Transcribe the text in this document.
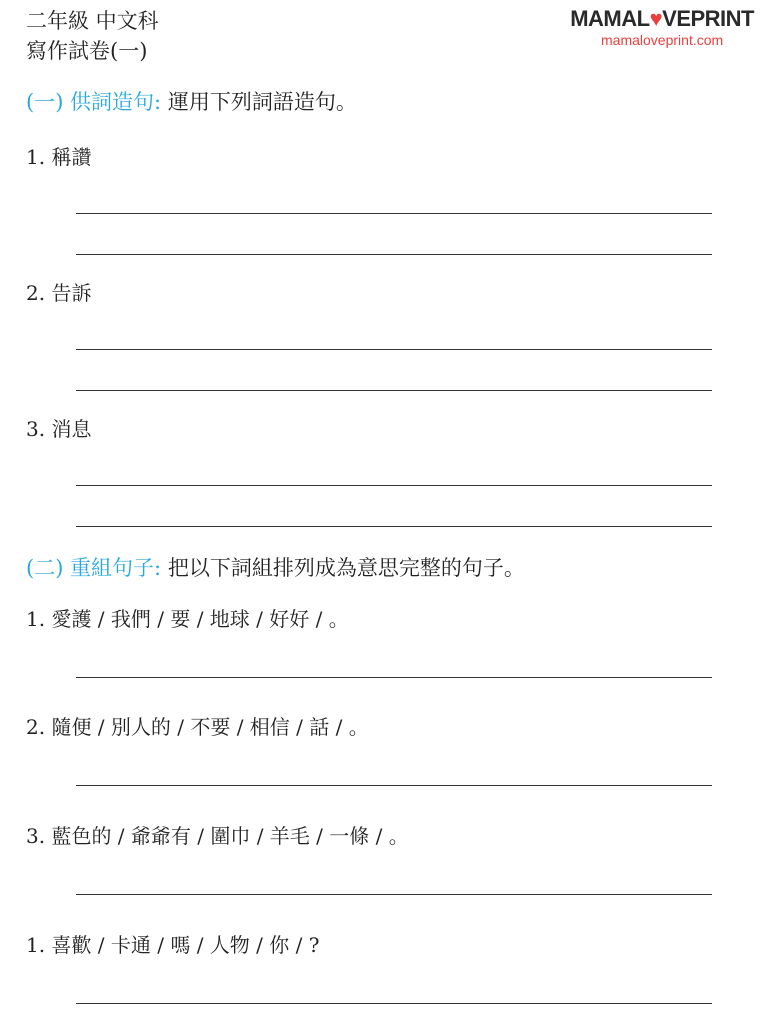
二年級 中文科
寫作試卷(一)
MAMAL♥VEPRINT
mamaloveprint.com
(一) 供詞造句: 運用下列詞語造句。
1. 稱讚
2. 告訴
3. 消息
(二) 重組句子: 把以下詞組排列成為意思完整的句子。
1. 愛護 / 我們 / 要 / 地球 / 好好 / 。
2. 隨便 / 別人的 / 不要 / 相信 / 話 / 。
3. 藍色的 / 爺爺有 / 圍巾 / 羊毛 / 一條 / 。
1. 喜歡 / 卡通 / 嗎 / 人物 / 你 / ?
